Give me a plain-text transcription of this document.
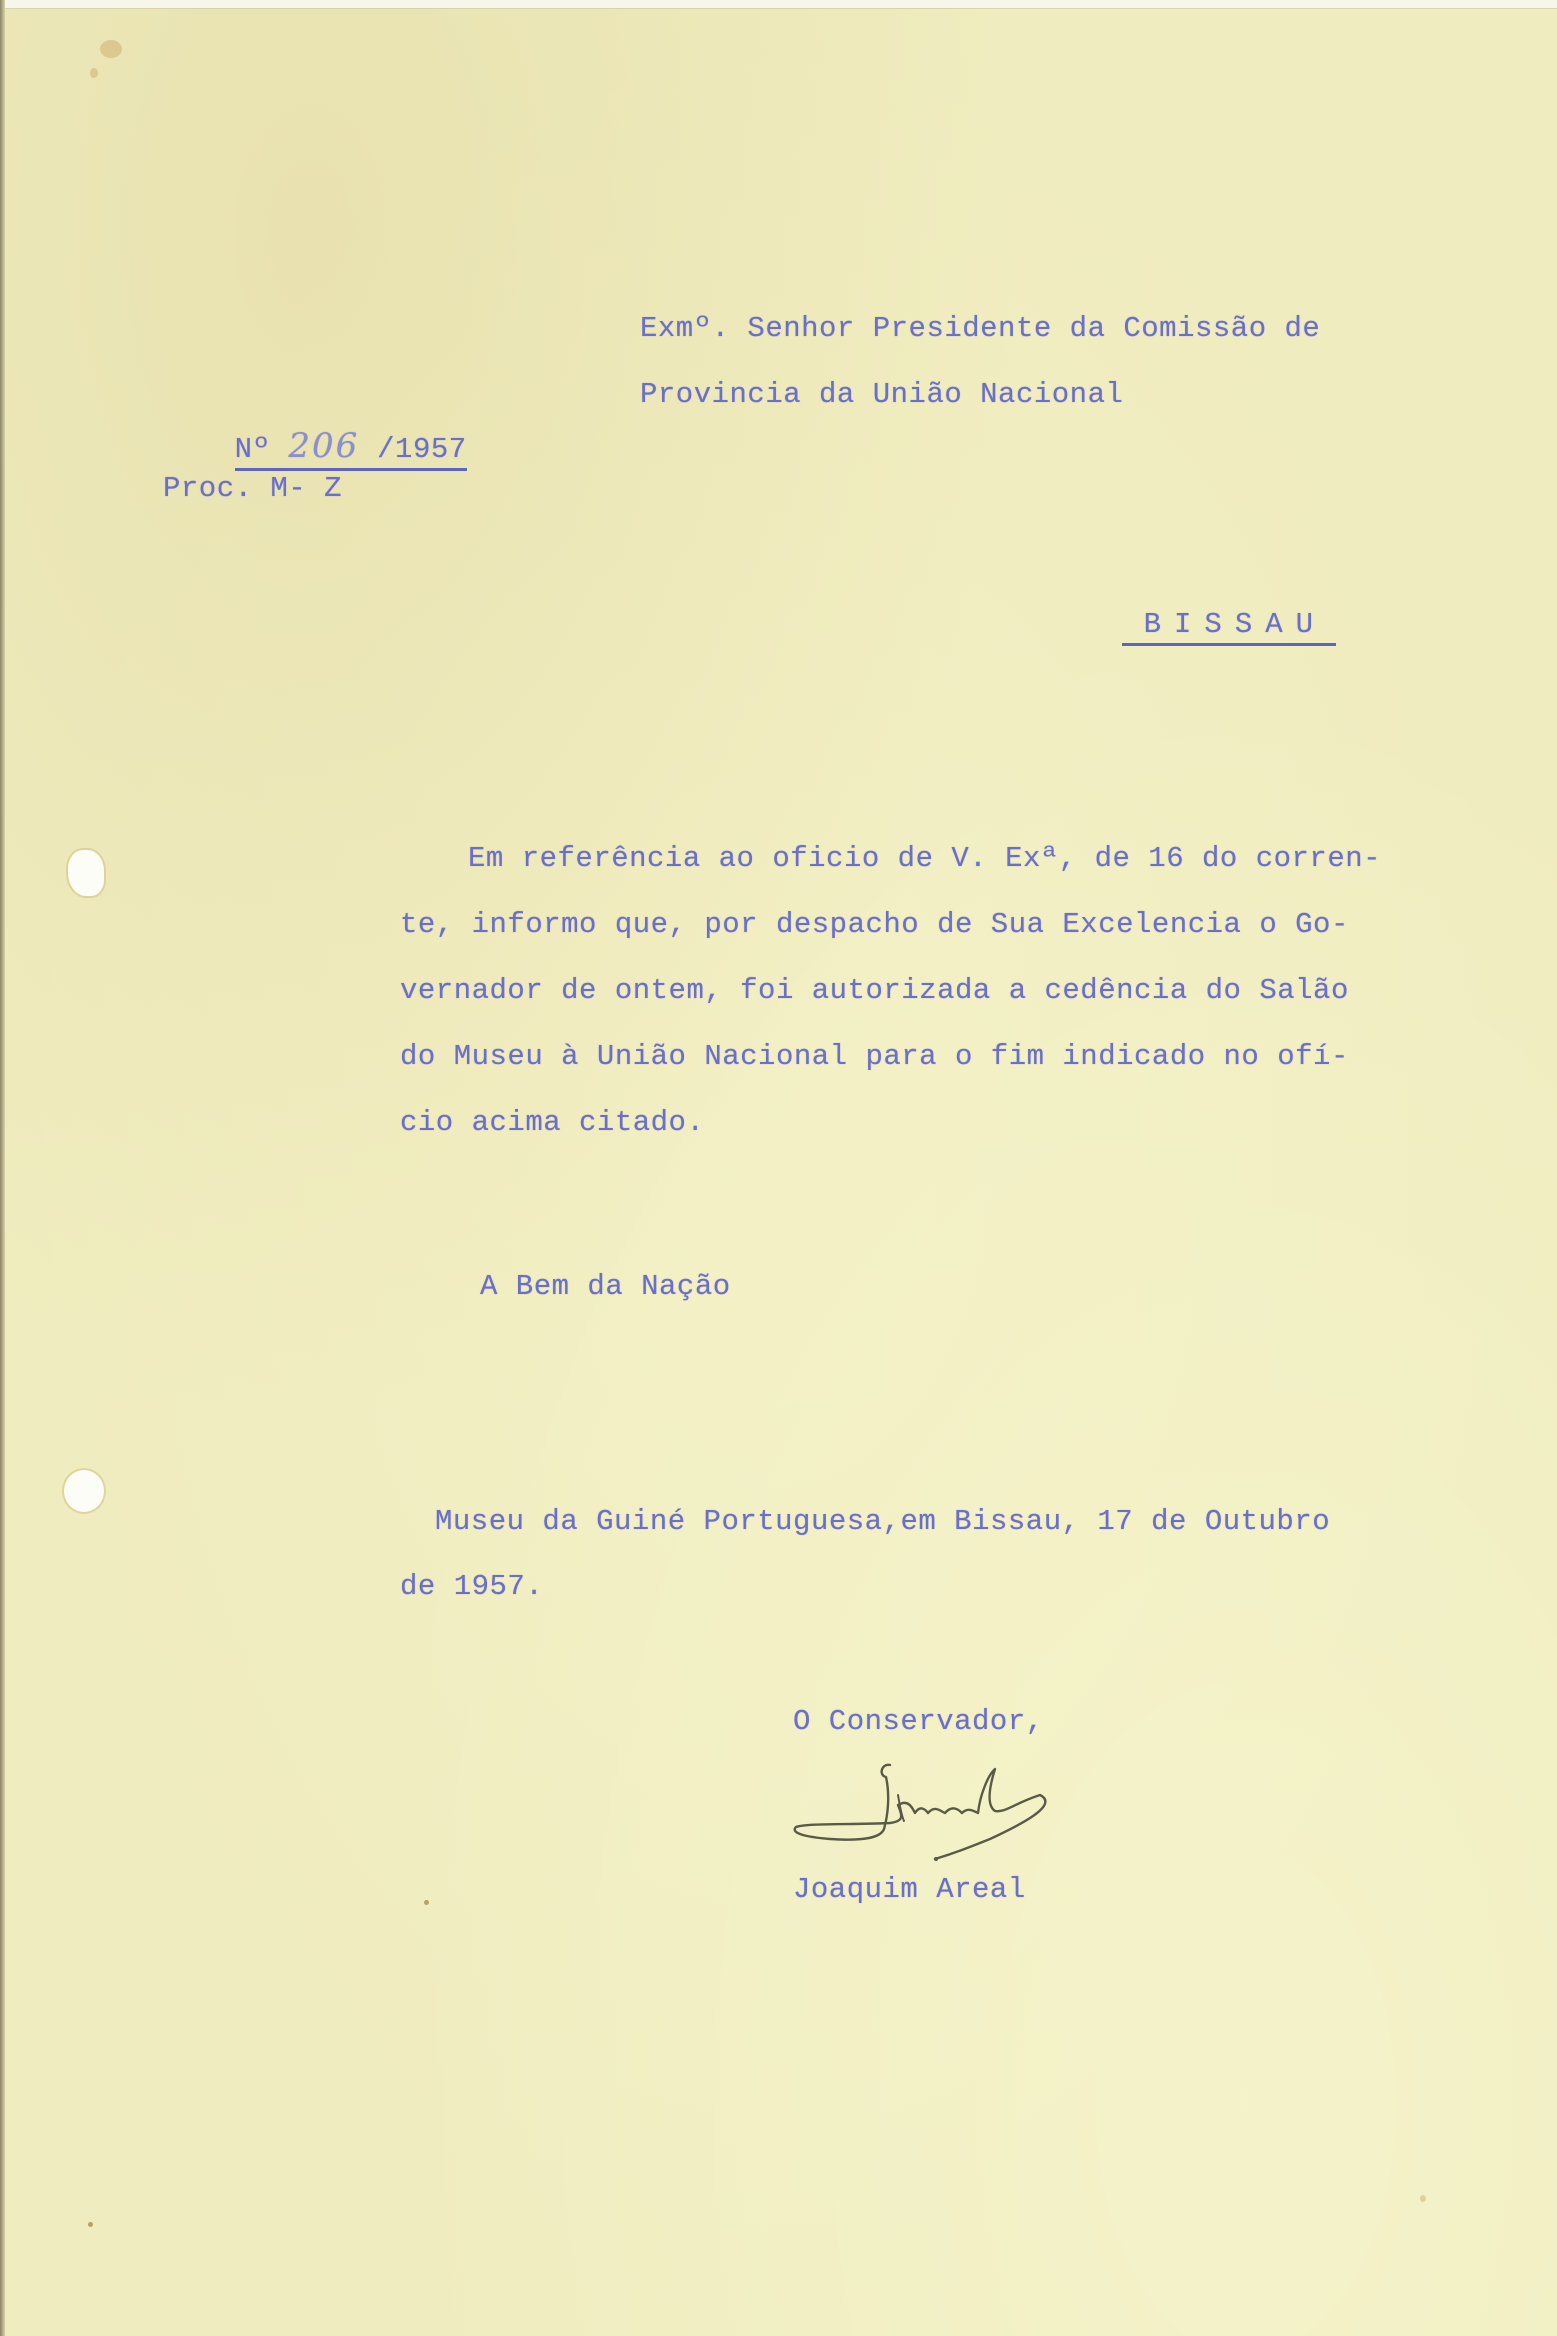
Nº 206 /1957

Proc. M- Z
Exmº. Senhor Presidente da Comissão de
Provincia da União Nacional

BISSAU

Em referência ao oficio de V. Exª, de 16 do corren-
te, informo que, por despacho de Sua Excelencia o Go-
vernador de ontem, foi autorizada a cedência do Salão
do Museu à União Nacional para o fim indicado no ofí-
cio acima citado.
A Bem da Nação
Museu da Guiné Portuguesa,em Bissau, 17 de Outubro
de 1957.
O Conservador,
Joaquim Areal
